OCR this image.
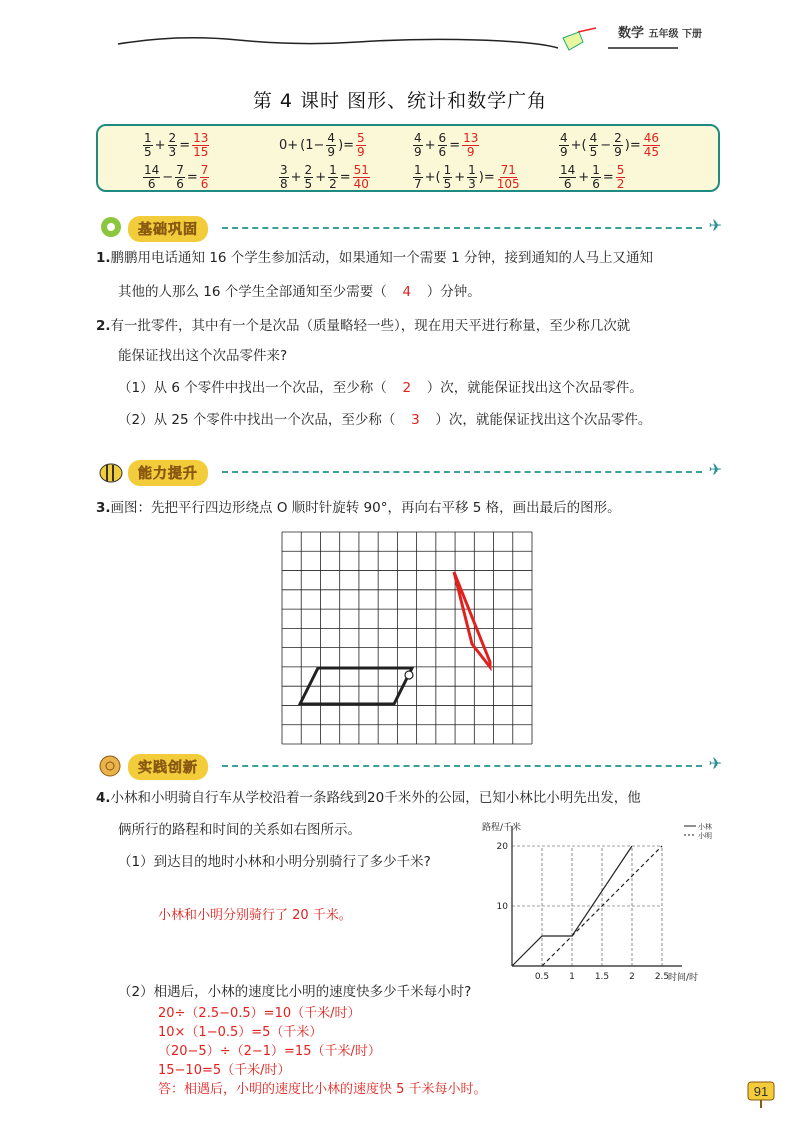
数学 五年级 下册
第 4 课时 图形、统计和数学广角
$\frac{1}{5} + \frac{2}{3} = \frac{13}{15}$	$0+ (1- \frac{4}{9}$ )= $\frac{5}{9}$	$\frac{4}{9} + \frac{6}{6} = \frac{13}{9}$	$\frac{4}{9}$ +( $\frac{4}{5} - \frac{2}{9}$ )= $\frac{46}{45}$
$\frac{14}{6} - \frac{7}{6} = \frac{7}{6}$	$\frac{3}{8} + \frac{2}{5} + \frac{1}{2} = \frac{51}{40}$	$\frac{1}{7}$ +( $\frac{1}{5} + \frac{1}{3}$ )= $\frac{71}{105}$	$\frac{14}{6} + \frac{1}{6} = \frac{5}{2}$
基础巩固	✈
1.鹏鹏用电话通知 16 个学生参加活动，如果通知一个需要 1 分钟，接到通知的人马上又通知
其他的人那么 16 个学生全部通知至少需要（ 4 ）分钟。
2.有一批零件，其中有一个是次品（质量略轻一些），现在用天平进行称量，至少称几次就
能保证找出这个次品零件来?
（1）从 6 个零件中找出一个次品，至少称（ 2 ）次，就能保证找出这个次品零件。
（2）从 25 个零件中找出一个次品，至少称（ 3 ）次，就能保证找出这个次品零件。
能力提升	✈
3.画图：先把平行四边形绕点 O 顺时针旋转 90°，再向右平移 5 格，画出最后的图形。
实践创新	✈
4.小林和小明骑自行车从学校沿着一条路线到20千米外的公园，已知小林比小明先出发，他
俩所行的路程和时间的关系如右图所示。
（1）到达目的地时小林和小明分别骑行了多少千米?
小林和小明分别骑行了 20 千米。
（2）相遇后，小林的速度比小明的速度快多少千米每小时?
路程/千米
时间/时
0.5 1 1.5 2 2.5
10
20
小林
小明
91
20÷（2.5−0.5）=10（千米/时）
10×（1−0.5）=5（千米）
（20−5）÷（2−1）=15（千米/时）
15−10=5（千米/时）
答：相遇后，小明的速度比小林的速度快 5 千米每小时。
